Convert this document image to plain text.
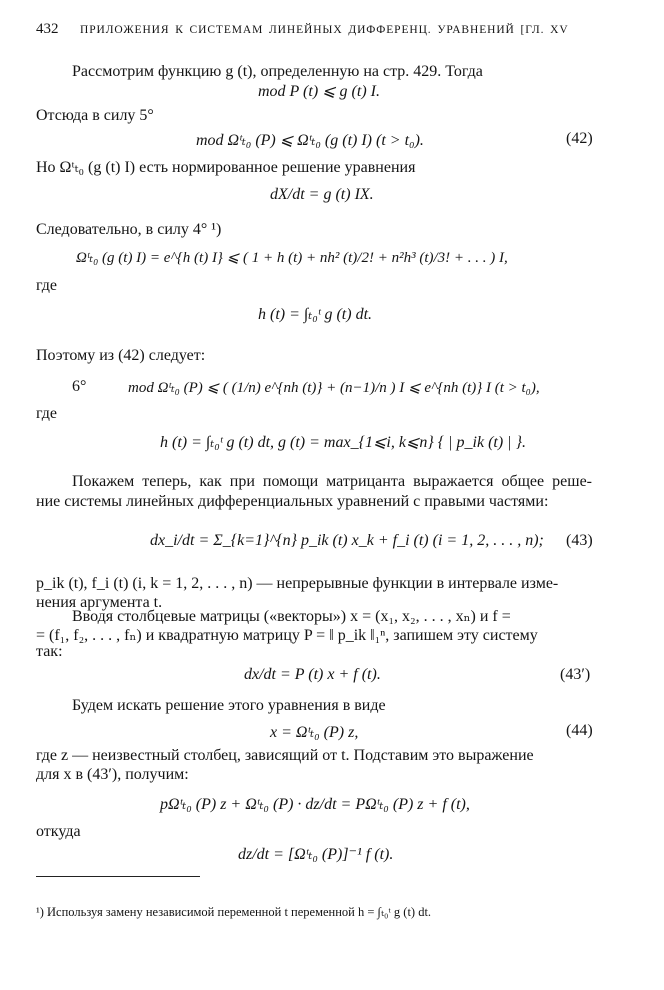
432 ПРИЛОЖЕНИЯ К СИСТЕМАМ ЛИНЕЙНЫХ ДИФФЕРЕНЦ. УРАВНЕНИЙ [ГЛ. XV
Рассмотрим функцию g (t), определенную на стр. 429. Тогда
mod P (t) ⩽ g (t) I.
Отсюда в силу 5°
mod Ωᵗₜ₀ (P) ⩽ Ωᵗₜ₀ (g (t) I) (t > t₀).	(42)
Но Ωᵗₜ₀ (g (t) I) есть нормированное решение уравнения
dX/dt = g (t) IX.
Следовательно, в силу 4° ¹)
Ωᵗₜ₀ (g (t) I) = e^{h (t) I} ⩽ ( 1 + h (t) + nh² (t)/2! + n²h³ (t)/3! + . . . ) I,
где
h (t) = ∫ₜ₀ᵗ g (t) dt.
Поэтому из (42) следует:
6°	mod Ωᵗₜ₀ (P) ⩽ ( (1/n) e^{nh (t)} + (n−1)/n ) I ⩽ e^{nh (t)} I (t > t₀),
где
h (t) = ∫ₜ₀ᵗ g (t) dt, g (t) = max_{1⩽i, k⩽n} { | p_ik (t) | }.
Покажем теперь, как при помощи матрицанта выражается общее реше-
ние системы линейных дифференциальных уравнений с правыми частями:
dx_i/dt = Σ_{k=1}^{n} p_ik (t) x_k + f_i (t) (i = 1, 2, . . . , n); (43)
p_ik (t), f_i (t) (i, k = 1, 2, . . . , n) — непрерывные функции в интервале изме-
нения аргумента t.
Вводя столбцевые матрицы («векторы») x = (x₁, x₂, . . . , xₙ) и f =
= (f₁, f₂, . . . , fₙ) и квадратную матрицу P = ‖ p_ik ‖₁ⁿ, запишем эту систему
так:
dx/dt = P (t) x + f (t).	(43′)
Будем искать решение этого уравнения в виде
x = Ωᵗₜ₀ (P) z,	(44)
где z — неизвестный столбец, зависящий от t. Подставим это выражение
для x в (43′), получим:
pΩᵗₜ₀ (P) z + Ωᵗₜ₀ (P) · dz/dt = PΩᵗₜ₀ (P) z + f (t),
откуда
dz/dt = [Ωᵗₜ₀ (P)]⁻¹ f (t).
¹) Используя замену независимой переменной t переменной h = ∫ₜ₀ᵗ g (t) dt.
